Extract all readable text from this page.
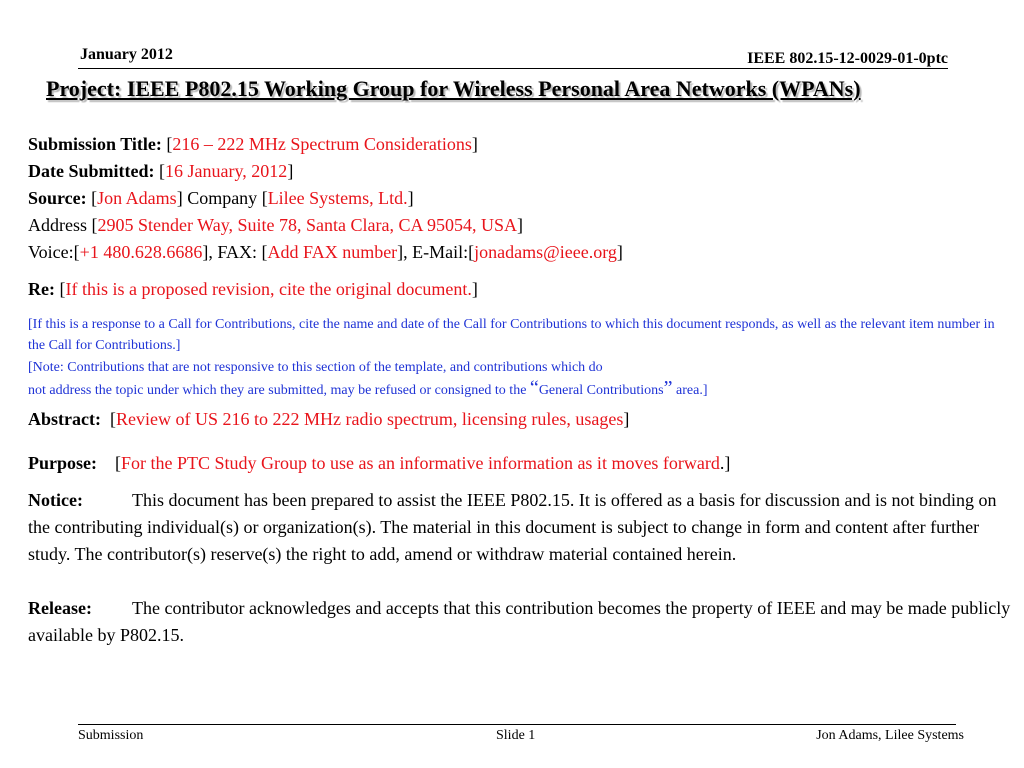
January 2012	IEEE 802.15-12-0029-01-0ptc
Project: IEEE P802.15 Working Group for Wireless Personal Area Networks (WPANs)
Submission Title: [216 – 222 MHz Spectrum Considerations]
Date Submitted: [16 January, 2012]
Source: [Jon Adams] Company [Lilee Systems, Ltd.]
Address [2905 Stender Way, Suite 78, Santa Clara, CA 95054, USA]
Voice:[+1 480.628.6686], FAX: [Add FAX number], E-Mail:[jonadams@ieee.org]
Re: [If this is a proposed revision, cite the original document.]
[If this is a response to a Call for Contributions, cite the name and date of the Call for Contributions to which this document responds, as well as the relevant item number in the Call for Contributions.]
[Note: Contributions that are not responsive to this section of the template, and contributions which do
not address the topic under which they are submitted, may be refused or consigned to the “General Contributions” area.]
Abstract:  [Review of US 216 to 222 MHz radio spectrum, licensing rules, usages]
Purpose:    [For the PTC Study Group to use as an informative information as it moves forward.]
Notice:	This document has been prepared to assist the IEEE P802.15. It is offered as a basis for discussion and is not binding on the contributing individual(s) or organization(s). The material in this document is subject to change in form and content after further study. The contributor(s) reserve(s) the right to add, amend or withdraw material contained herein.
Release: The contributor acknowledges and accepts that this contribution becomes the property of IEEE and may be made publicly available by P802.15.
Submission	Slide 1	Jon Adams, Lilee Systems
